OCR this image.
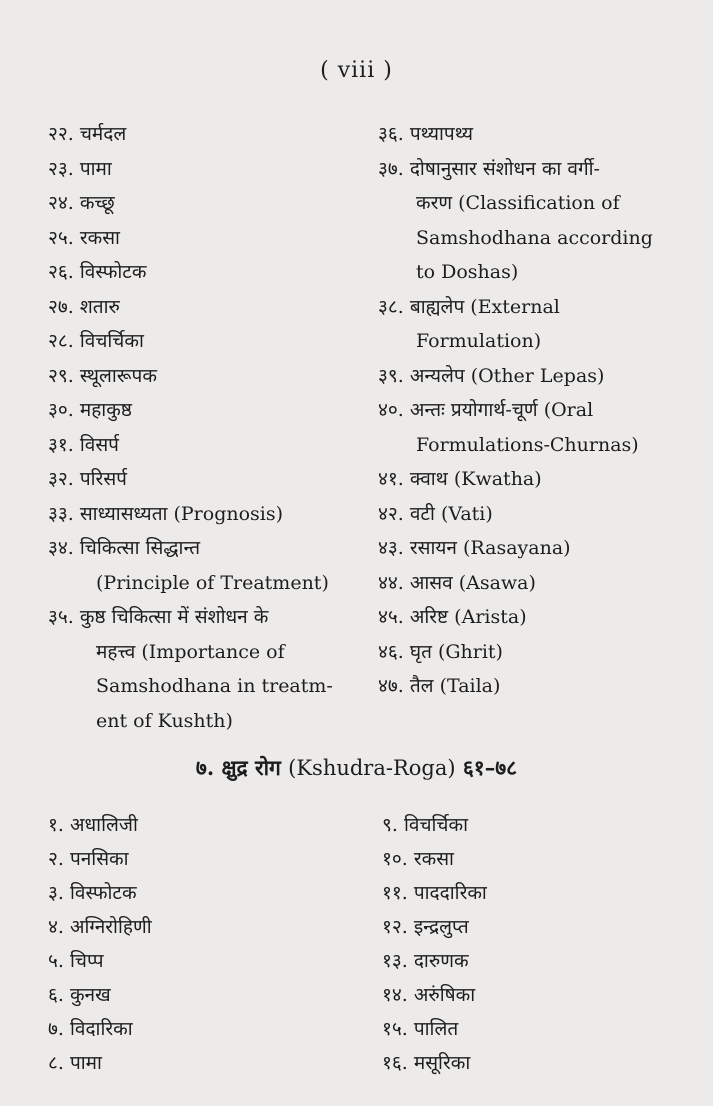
( viii )
२२. चर्मदल
२३. पामा
२४. कच्छू
२५. रकसा
२६. विस्फोटक
२७. शतारु
२८. विचर्चिका
२९. स्थूलारूपक
३०. महाकुष्ठ
३१. विसर्प
३२. परिसर्प
३३. साध्यासध्यता (Prognosis)
३४. चिकित्सा सिद्धान्त
(Principle of Treatment)
३५. कुष्ठ चिकित्सा में संशोधन के
महत्त्व (Importance of
Samshodhana in treatm-
ent of Kushth)
३६. पथ्यापथ्य
३७. दोषानुसार संशोधन का वर्गी-
करण (Classification of
Samshodhana according
to Doshas)
३८. बाह्यलेप (External
Formulation)
३९. अन्यलेप (Other Lepas)
४०. अन्तः प्रयोगार्थ-चूर्ण (Oral
Formulations-Churnas)
४१. क्वाथ (Kwatha)
४२. वटी (Vati)
४३. रसायन (Rasayana)
४४. आसव (Asawa)
४५. अरिष्ट (Arista)
४६. घृत (Ghrit)
४७. तैल (Taila)
७. क्षुद्र रोग (Kshudra-Roga) ६१–७८
१. अधालिजी
२. पनसिका
३. विस्फोटक
४. अग्निरोहिणी
५. चिप्प
६. कुनख
७. विदारिका
८. पामा
९. विचर्चिका
१०. रकसा
११. पाददारिका
१२. इन्द्रलुप्त
१३. दारुणक
१४. अरुंषिका
१५. पालित
१६. मसूरिका
